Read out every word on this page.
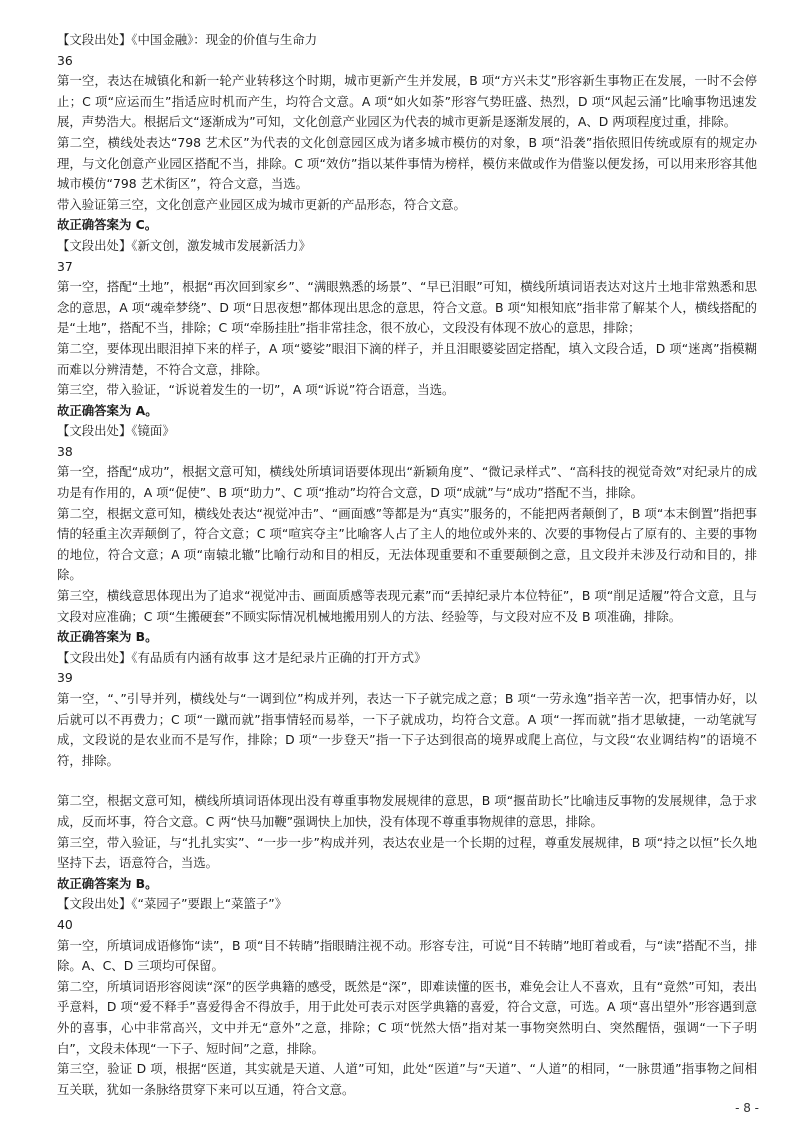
【文段出处】《中国金融》：现金的价值与生命力

36

第一空，表达在城镇化和新一轮产业转移这个时期，城市更新产生并发展，B 项“方兴未艾”形容新生事物正在发展，一时不会停止；C 项“应运而生”指适应时机而产生，均符合文意。A 项“如火如荼”形容气势旺盛、热烈，D 项“风起云涌”比喻事物迅速发展，声势浩大。根据后文“逐渐成为”可知，文化创意产业园区为代表的城市更新是逐渐发展的，A、D 两项程度过重，排除。

第二空，横线处表达“798 艺术区”为代表的文化创意园区成为诸多城市模仿的对象，B 项“沿袭”指依照旧传统或原有的规定办理，与文化创意产业园区搭配不当，排除。C 项“效仿”指以某件事情为榜样，模仿来做或作为借鉴以便发扬，可以用来形容其他城市模仿“798 艺术街区”，符合文意，当选。

带入验证第三空，文化创意产业园区成为城市更新的产品形态，符合文意。

故正确答案为 C。

【文段出处】《新文创，激发城市发展新活力》

37

第一空，搭配“土地”，根据“再次回到家乡”、“满眼熟悉的场景”、“早已泪眼”可知，横线所填词语表达对这片土地非常熟悉和思念的意思，A 项“魂牵梦绕”、D 项“日思夜想”都体现出思念的意思，符合文意。B 项“知根知底”指非常了解某个人，横线搭配的是“土地”，搭配不当，排除；C 项“牵肠挂肚”指非常挂念，很不放心，文段没有体现不放心的意思，排除；

第二空，要体现出眼泪掉下来的样子，A 项“婆娑”眼泪下滴的样子，并且泪眼婆娑固定搭配，填入文段合适，D 项“迷离”指模糊而难以分辨清楚，不符合文意，排除。

第三空，带入验证，“诉说着发生的一切”，A 项“诉说”符合语意，当选。

故正确答案为 A。

【文段出处】《镜面》

38

第一空，搭配“成功”，根据文意可知，横线处所填词语要体现出“新颖角度”、“微记录样式”、“高科技的视觉奇效”对纪录片的成功是有作用的，A 项“促使”、B 项“助力”、C 项“推动”均符合文意，D 项“成就”与“成功”搭配不当，排除。

第二空，根据文意可知，横线处表达“视觉冲击”、“画面感”等都是为“真实”服务的，不能把两者颠倒了，B 项“本末倒置”指把事情的轻重主次弄颠倒了，符合文意；C 项“喧宾夺主”比喻客人占了主人的地位或外来的、次要的事物侵占了原有的、主要的事物的地位，符合文意；A 项“南辕北辙”比喻行动和目的相反，无法体现重要和不重要颠倒之意，且文段并未涉及行动和目的，排除。

第三空，横线意思体现出为了追求“视觉冲击、画面质感等表现元素”而“丢掉纪录片本位特征”，B 项“削足适履”符合文意，且与文段对应准确；C 项“生搬硬套”不顾实际情况机械地搬用别人的方法、经验等，与文段对应不及 B 项准确，排除。

故正确答案为 B。

【文段出处】《有品质有内涵有故事 这才是纪录片正确的打开方式》

39

第一空，“、”引导并列，横线处与“一调到位”构成并列，表达一下子就完成之意；B 项“一劳永逸”指辛苦一次，把事情办好，以后就可以不再费力；C 项“一蹴而就”指事情轻而易举，一下子就成功，均符合文意。A 项“一挥而就”指才思敏捷，一动笔就写成，文段说的是农业而不是写作，排除；D 项“一步登天”指一下子达到很高的境界或爬上高位，与文段“农业调结构”的语境不符，排除。

第二空，根据文意可知，横线所填词语体现出没有尊重事物发展规律的意思，B 项“揠苗助长”比喻违反事物的发展规律，急于求成，反而坏事，符合文意。C 两“快马加鞭”强调快上加快，没有体现不尊重事物规律的意思，排除。

第三空，带入验证，与“扎扎实实”、“一步一步”构成并列，表达农业是一个长期的过程，尊重发展规律，B 项“持之以恒”长久地坚持下去，语意符合，当选。

故正确答案为 B。

【文段出处】《“菜园子”要跟上“菜篮子”》

40

第一空，所填词成语修饰“读”，B 项“目不转睛”指眼睛注视不动。形容专注，可说“目不转睛”地盯着或看，与“读”搭配不当，排除。A、C、D 三项均可保留。

第二空，所填词语形容阅读“深”的医学典籍的感受，既然是“深”，即难读懂的医书，难免会让人不喜欢，且有“竟然”可知，表出乎意料，D 项“爱不释手”喜爱得舍不得放手，用于此处可表示对医学典籍的喜爱，符合文意，可选。A 项“喜出望外”形容遇到意外的喜事，心中非常高兴，文中并无“意外”之意，排除；C 项“恍然大悟”指对某一事物突然明白、突然醒悟，强调“一下子明白”，文段未体现“一下子、短时间”之意，排除。

第三空，验证 D 项，根据“医道，其实就是天道、人道”可知，此处“医道”与“天道”、“人道”的相同，“一脉贯通”指事物之间相互关联，犹如一条脉络贯穿下来可以互通，符合文意。

- 8 -
